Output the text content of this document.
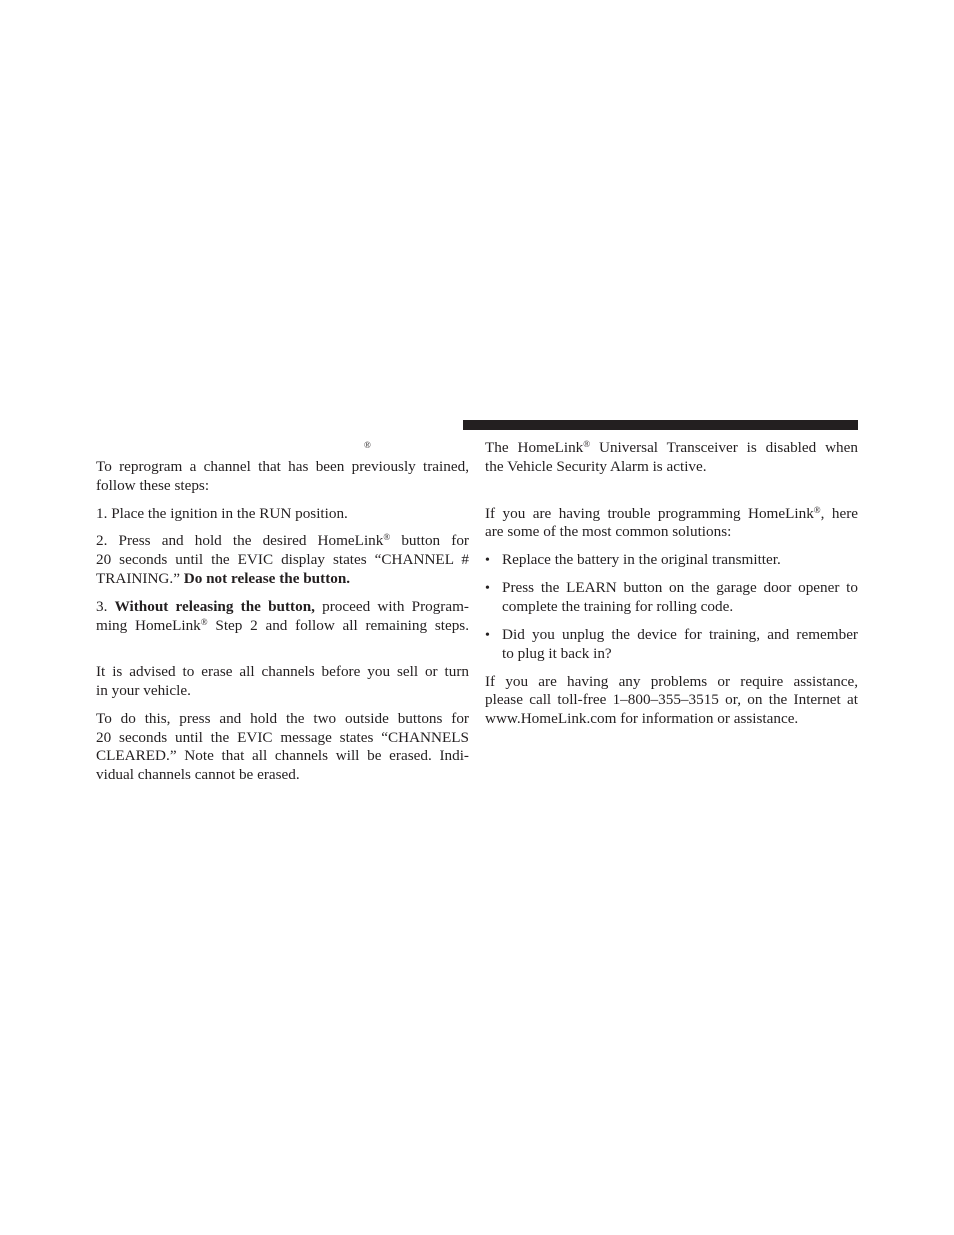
®
To reprogram a channel that has been previously trained,
follow these steps:
1. Place the ignition in the RUN position.
2. Press and hold the desired HomeLink® button for
20 seconds until the EVIC display states “CHANNEL #
TRAINING.” Do not release the button.
3. Without releasing the button, proceed with Program-
ming HomeLink® Step 2 and follow all remaining steps.
It is advised to erase all channels before you sell or turn
in your vehicle.
To do this, press and hold the two outside buttons for
20 seconds until the EVIC message states “CHANNELS
CLEARED.” Note that all channels will be erased. Indi-
vidual channels cannot be erased.
The HomeLink® Universal Transceiver is disabled when
the Vehicle Security Alarm is active.
If you are having trouble programming HomeLink®, here
are some of the most common solutions:
• Replace the battery in the original transmitter.
• Press the LEARN button on the garage door opener to
complete the training for rolling code.
• Did you unplug the device for training, and remember
to plug it back in?
If you are having any problems or require assistance,
please call toll-free 1–800–355–3515 or, on the Internet at
www.HomeLink.com for information or assistance.
